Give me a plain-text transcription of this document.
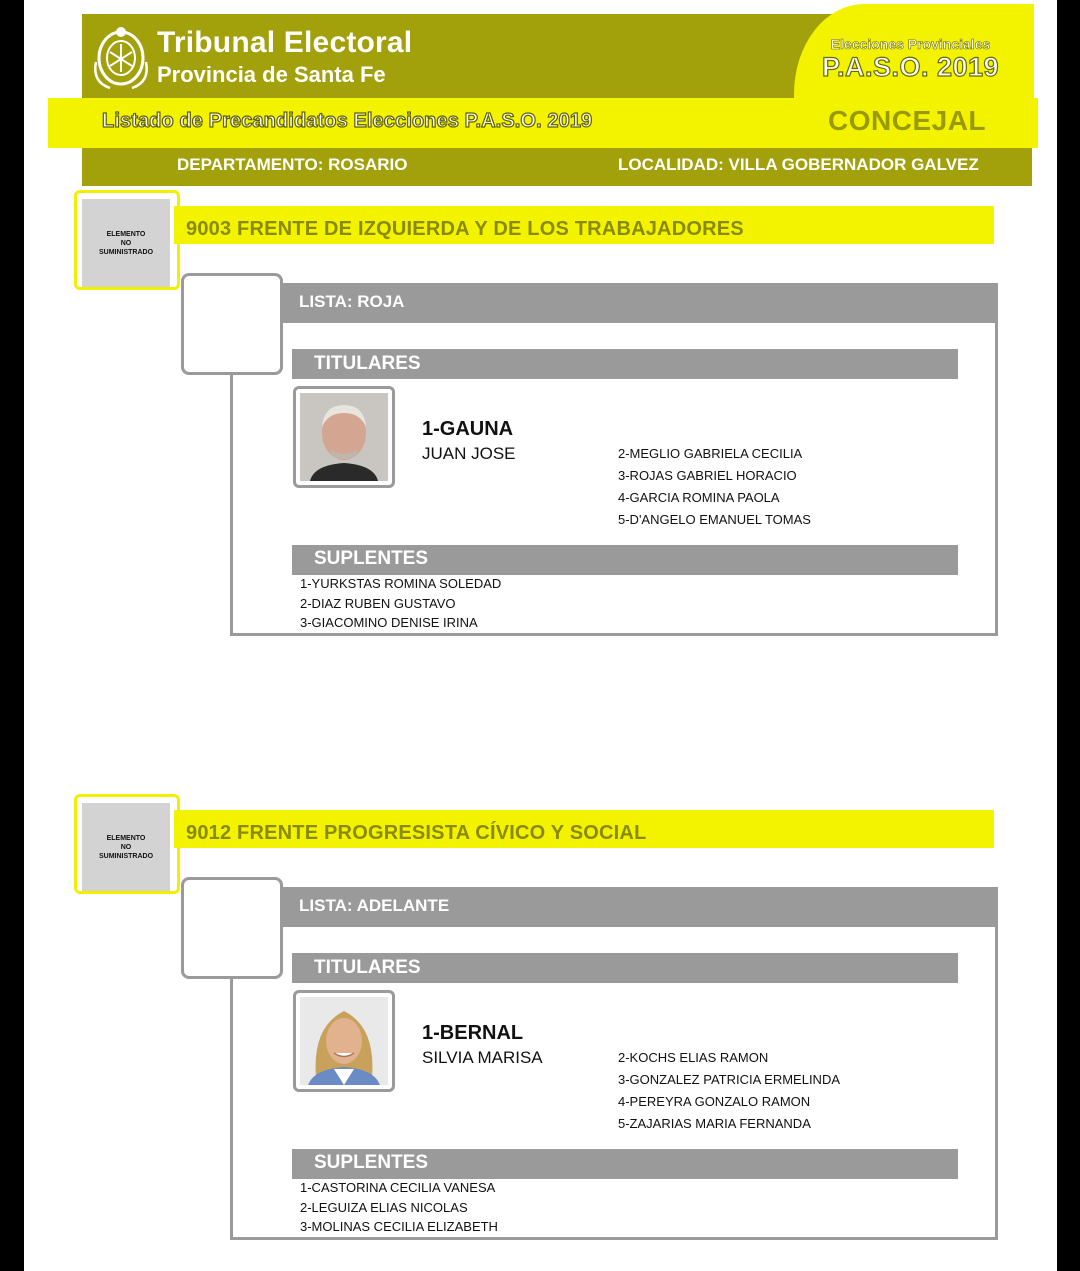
Tribunal Electoral
Provincia de Santa Fe
Elecciones Provinciales
P.A.S.O. 2019
Listado de Precandidatos Elecciones P.A.S.O. 2019	CONCEJAL
DEPARTAMENTO: ROSARIO	LOCALIDAD: VILLA GOBERNADOR GALVEZ
ELEMENTO
NO
SUMINISTRADO
9003 FRENTE DE IZQUIERDA Y DE LOS TRABAJADORES
LISTA: ROJA
TITULARES
1-GAUNA
JUAN JOSE	2-MEGLIO GABRIELA CECILIA
3-ROJAS GABRIEL HORACIO
4-GARCIA ROMINA PAOLA
5-D'ANGELO EMANUEL TOMAS
SUPLENTES
1-YURKSTAS ROMINA SOLEDAD
2-DIAZ RUBEN GUSTAVO
3-GIACOMINO DENISE IRINA
ELEMENTO
NO
SUMINISTRADO
9012 FRENTE PROGRESISTA CÍVICO Y SOCIAL
LISTA: ADELANTE
TITULARES
1-BERNAL
SILVIA MARISA	2-KOCHS ELIAS RAMON
3-GONZALEZ PATRICIA ERMELINDA
4-PEREYRA GONZALO RAMON
5-ZAJARIAS MARIA FERNANDA
SUPLENTES
1-CASTORINA CECILIA VANESA
2-LEGUIZA ELIAS NICOLAS
3-MOLINAS CECILIA ELIZABETH
